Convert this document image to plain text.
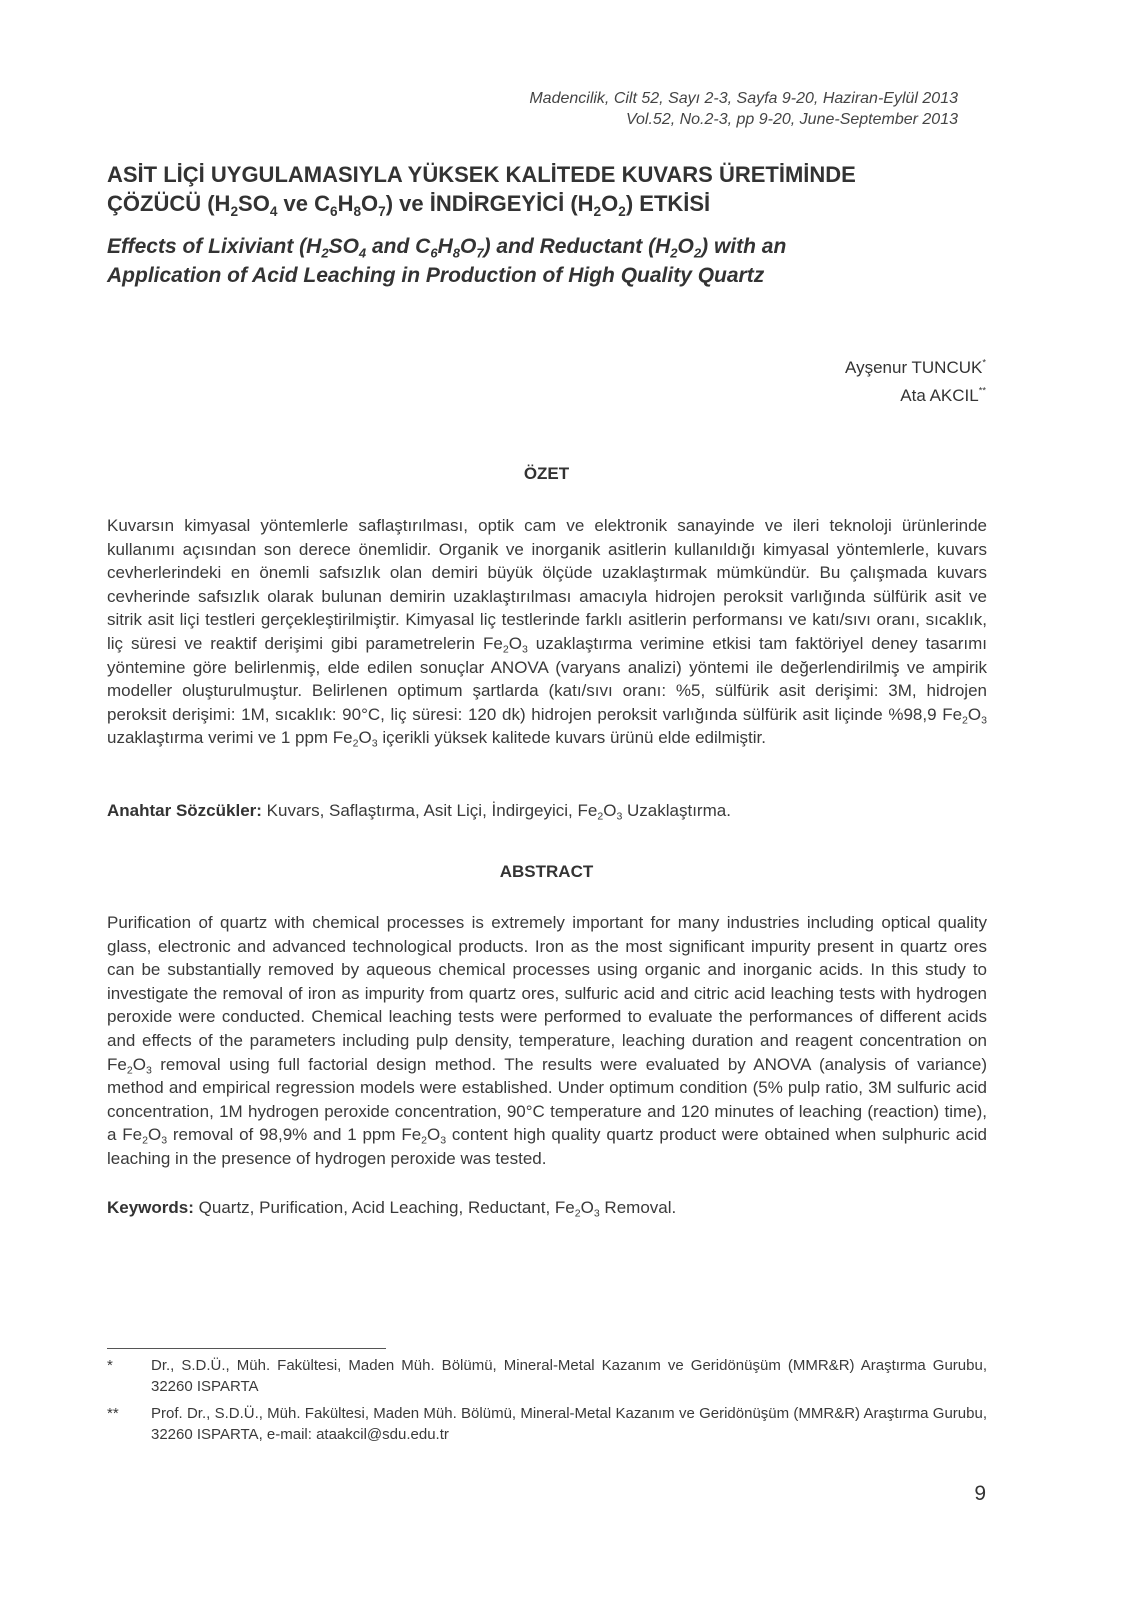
Madencilik, Cilt 52, Sayı 2-3, Sayfa 9-20, Haziran-Eylül 2013
Vol.52, No.2-3, pp 9-20, June-September 2013
ASİT LİÇİ UYGULAMASIYLA YÜKSEK KALİTEDE KUVARS ÜRETİMİNDE
ÇÖZÜCÜ ($H_2SO_4$ ve $C_6H_8O_7$) ve İNDİRGEYİCİ $(H_2O_2)$ ETKİSİ
Effects of Lixiviant ($H_2SO_4$ and $C_6H_8O_7$) and Reductant $(H_2O_2)$ with an
Application of Acid Leaching in Production of High Quality Quartz
Ayşenur TUNCUK*
Ata AKCIL**
ÖZET

Kuvarsın kimyasal yöntemlerle saflaştırılması, optik cam ve elektronik sanayinde ve ileri teknoloji ürünlerinde kullanımı açısından son derece önemlidir. Organik ve inorganik asitlerin kullanıldığı kimyasal yöntemlerle, kuvars cevherlerindeki en önemli safsızlık olan demiri büyük ölçüde uzaklaştırmak mümkündür. Bu çalışmada kuvars cevherinde safsızlık olarak bulunan demirin uzaklaştırılması amacıyla hidrojen peroksit varlığında sülfürik asit ve sitrik asit liçi testleri gerçekleştirilmiştir. Kimyasal liç testlerinde farklı asitlerin performansı ve katı/sıvı oranı, sıcaklık, liç süresi ve reaktif derişimi gibi parametrelerin $Fe_2O_3$ uzaklaştırma verimine etkisi tam faktöriyel deney tasarımı yöntemine göre belirlenmiş, elde edilen sonuçlar ANOVA (varyans analizi) yöntemi ile değerlendirilmiş ve ampirik modeller oluşturulmuştur. Belirlenen optimum şartlarda (katı/sıvı oranı: %5, sülfürik asit derişimi: 3M, hidrojen peroksit derişimi: 1M, sıcaklık: 90°C, liç süresi: 120 dk) hidrojen peroksit varlığında sülfürik asit liçinde %98,9 $Fe_2O_3$ uzaklaştırma verimi ve 1 ppm $Fe_2O_3$ içerikli yüksek kalitede kuvars ürünü elde edilmiştir.

Anahtar Sözcükler: Kuvars, Saflaştırma, Asit Liçi, İndirgeyici, $Fe_2O_3$ Uzaklaştırma.

ABSTRACT

Purification of quartz with chemical processes is extremely important for many industries including optical quality glass, electronic and advanced technological products. Iron as the most significant impurity present in quartz ores can be substantially removed by aqueous chemical processes using organic and inorganic acids. In this study to investigate the removal of iron as impurity from quartz ores, sulfuric acid and citric acid leaching tests with hydrogen peroxide were conducted. Chemical leaching tests were performed to evaluate the performances of different acids and effects of the parameters including pulp density, temperature, leaching duration and reagent concentration on $Fe_2O_3$ removal using full factorial design method. The results were evaluated by ANOVA (analysis of variance) method and empirical regression models were established. Under optimum condition (5% pulp ratio, 3M sulfuric acid concentration, 1M hydrogen peroxide concentration, 90°C temperature and 120 minutes of leaching (reaction) time), a $Fe_2O_3$ removal of 98,9% and 1 ppm $Fe_2O_3$ content high quality quartz product were obtained when sulphuric acid leaching in the presence of hydrogen peroxide was tested.

Keywords: Quartz, Purification, Acid Leaching, Reductant, $Fe_2O_3$ Removal.

*	Dr., S.D.Ü., Müh. Fakültesi, Maden Müh. Bölümü, Mineral-Metal Kazanım ve Geridönüşüm (MMR&R) Araştırma Gurubu, 32260 ISPARTA
**	Prof. Dr., S.D.Ü., Müh. Fakültesi, Maden Müh. Bölümü, Mineral-Metal Kazanım ve Geridönüşüm (MMR&R) Araştırma Gurubu, 32260 ISPARTA, e-mail: ataakcil@sdu.edu.tr
9
